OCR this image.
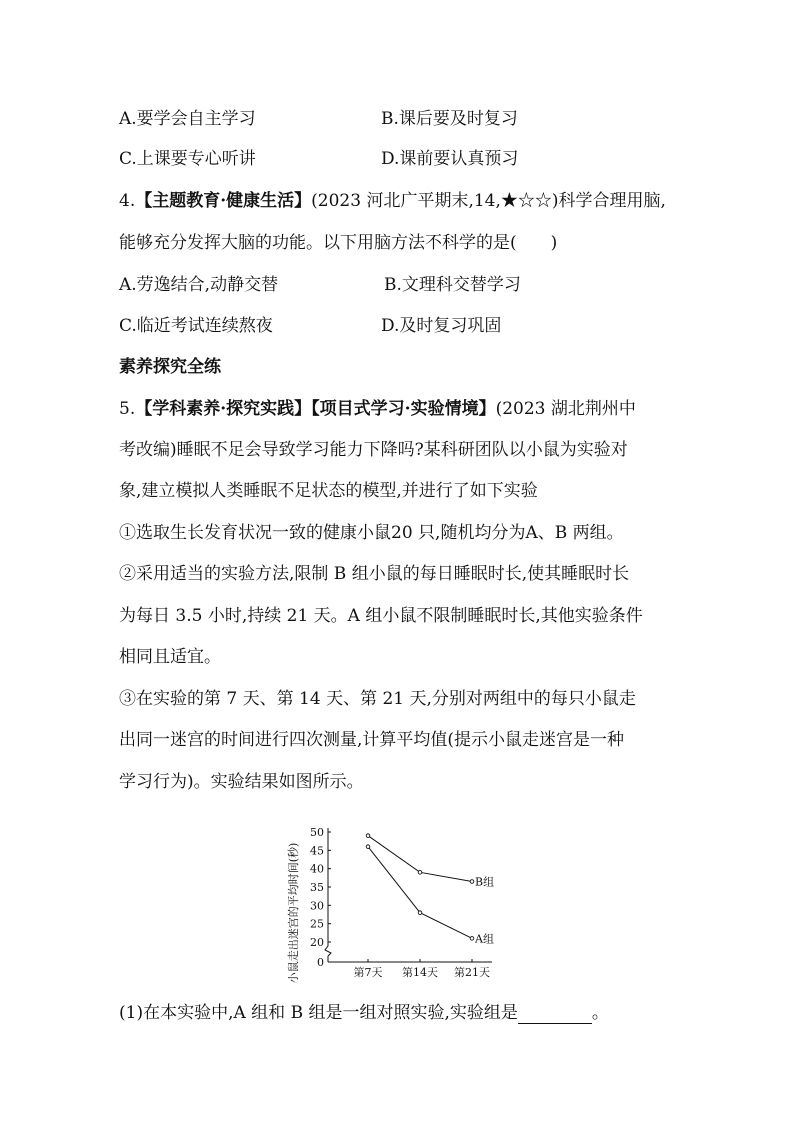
A.要学会自主学习	B.课后要及时复习
C.上课要专心听讲	D.课前要认真预习
4.【主题教育·健康生活】(2023 河北广平期末,14,★☆☆)科学合理用脑,
能够充分发挥大脑的功能。以下用脑方法不科学的是(　　)
A.劳逸结合,动静交替	B.文理科交替学习
C.临近考试连续熬夜	D.及时复习巩固
素养探究全练
5.【学科素养·探究实践】【项目式学习·实验情境】(2023 湖北荆州中
考改编)睡眠不足会导致学习能力下降吗?某科研团队以小鼠为实验对
象,建立模拟人类睡眠不足状态的模型,并进行了如下实验
①选取生长发育状况一致的健康小鼠20 只,随机均分为A、B 两组。
②采用适当的实验方法,限制 B 组小鼠的每日睡眠时长,使其睡眠时长
为每日 3.5 小时,持续 21 天。A 组小鼠不限制睡眠时长,其他实验条件
相同且适宜。
③在实验的第 7 天、第 14 天、第 21 天,分别对两组中的每只小鼠走
出同一迷宫的时间进行四次测量,计算平均值(提示小鼠走迷宫是一种
学习行为)。实验结果如图所示。
0
20
25
30
35
40
45
50
第7天 第14天 第21天
B组
A组
小鼠走出迷宫的平均时间(秒)
(1)在本实验中,A 组和 B 组是一组对照实验,实验组是	。
